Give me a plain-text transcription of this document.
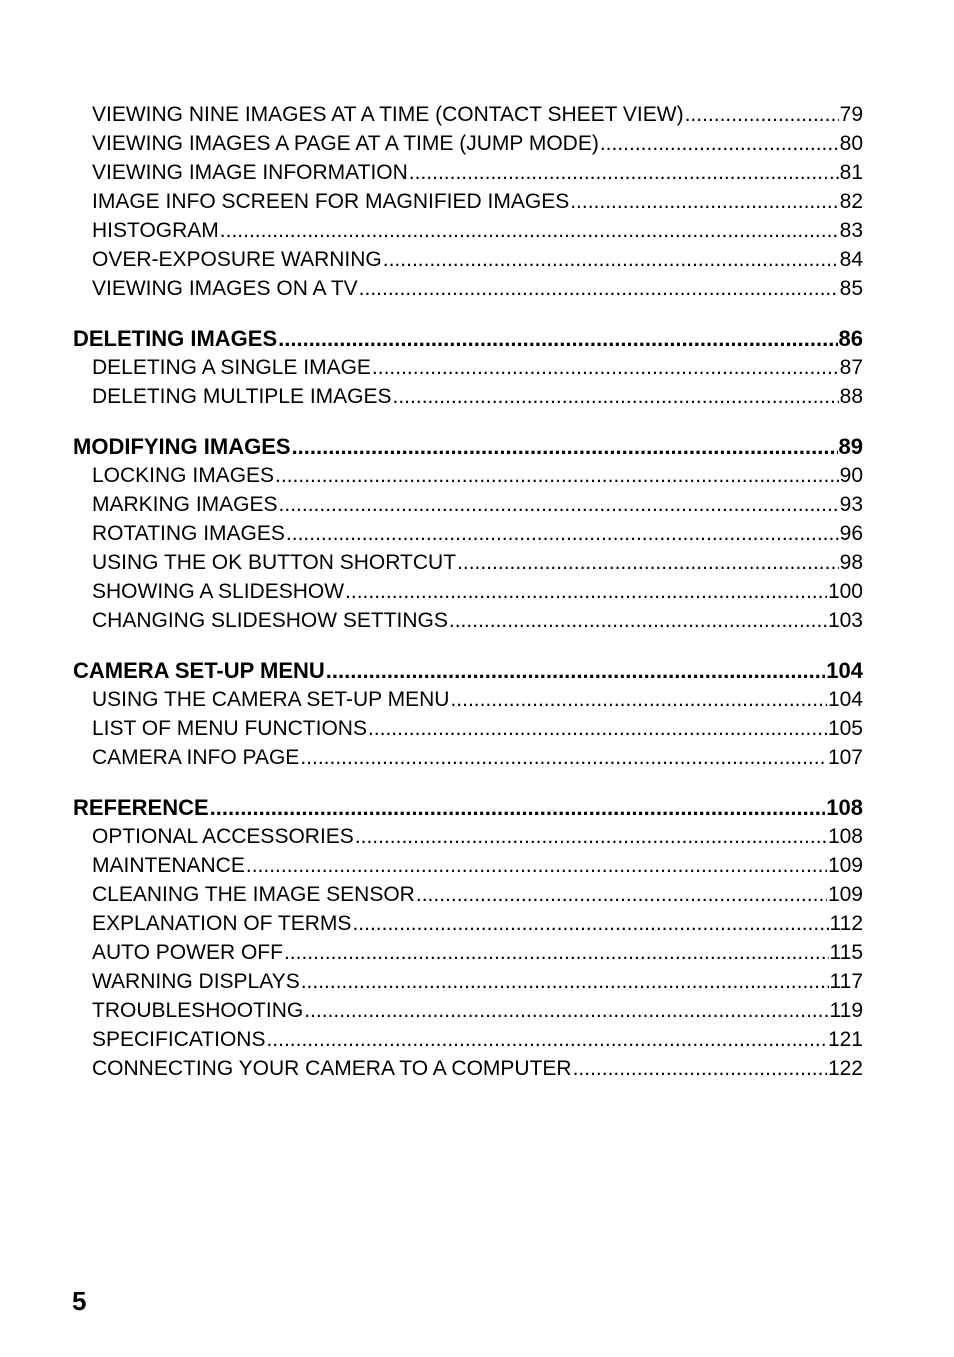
VIEWING NINE IMAGES AT A TIME (CONTACT SHEET VIEW) .....	79
VIEWING IMAGES A PAGE AT A TIME (JUMP MODE) .....	80
VIEWING IMAGE INFORMATION .....	81
IMAGE INFO SCREEN FOR MAGNIFIED IMAGES .....	82
HISTOGRAM .....	83
OVER-EXPOSURE WARNING .....	84
VIEWING IMAGES ON A TV .....	85
DELETING IMAGES .....	86
DELETING A SINGLE IMAGE .....	87
DELETING MULTIPLE IMAGES .....	88
MODIFYING IMAGES .....	89
LOCKING IMAGES .....	90
MARKING IMAGES .....	93
ROTATING IMAGES .....	96
USING THE OK BUTTON SHORTCUT .....	98
SHOWING A SLIDESHOW .....	100
CHANGING SLIDESHOW SETTINGS .....	103
CAMERA SET-UP MENU .....	104
USING THE CAMERA SET-UP MENU .....	104
LIST OF MENU FUNCTIONS .....	105
CAMERA INFO PAGE .....	107
REFERENCE .....	108
OPTIONAL ACCESSORIES .....	108
MAINTENANCE .....	109
CLEANING THE IMAGE SENSOR .....	109
EXPLANATION OF TERMS .....	112
AUTO POWER OFF .....	115
WARNING DISPLAYS .....	117
TROUBLESHOOTING .....	119
SPECIFICATIONS .....	121
CONNECTING YOUR CAMERA TO A COMPUTER .....	122
5
